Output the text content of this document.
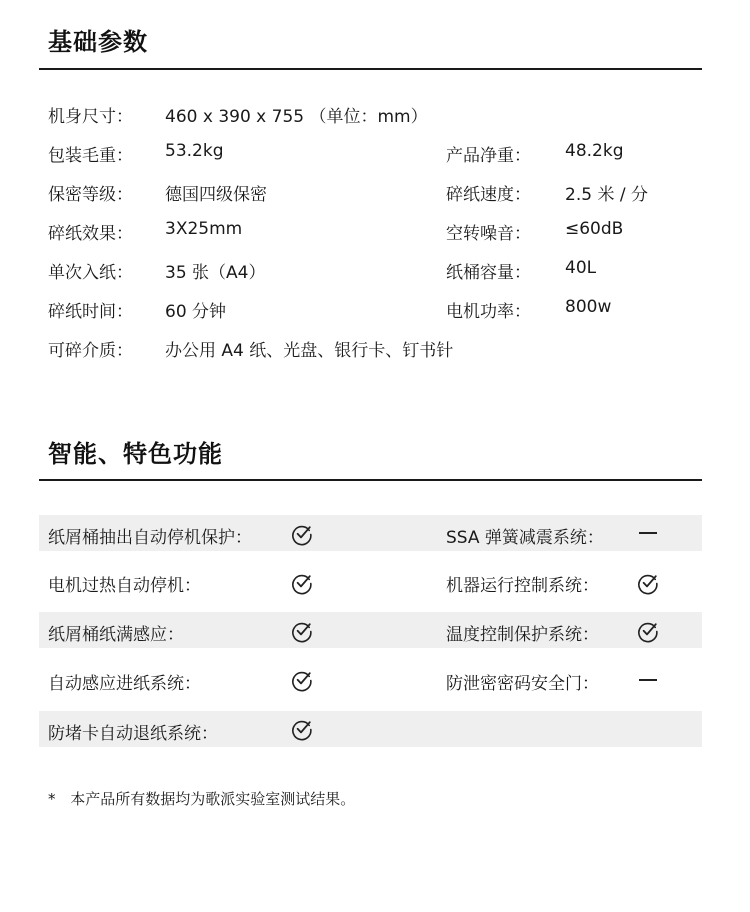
基础参数
机身尺寸： 460 x 390 x 755 （单位：mm）
包装毛重： 53.2kg	产品净重： 48.2kg
保密等级： 德国四级保密	碎纸速度： 2.5 米 / 分
碎纸效果： 3X25mm	空转噪音： ≤60dB
单次入纸： 35 张（A4）	纸桶容量： 40L
碎纸时间： 60 分钟	电机功率： 800w
可碎介质： 办公用 A4 纸、光盘、银行卡、钉书针
智能、特色功能
纸屑桶抽出自动停机保护：	SSA 弹簧减震系统：
电机过热自动停机：	机器运行控制系统：
纸屑桶纸满感应：	温度控制保护系统：
自动感应进纸系统：	防泄密密码安全门：
防堵卡自动退纸系统：
* 本产品所有数据均为歌派实验室测试结果。
